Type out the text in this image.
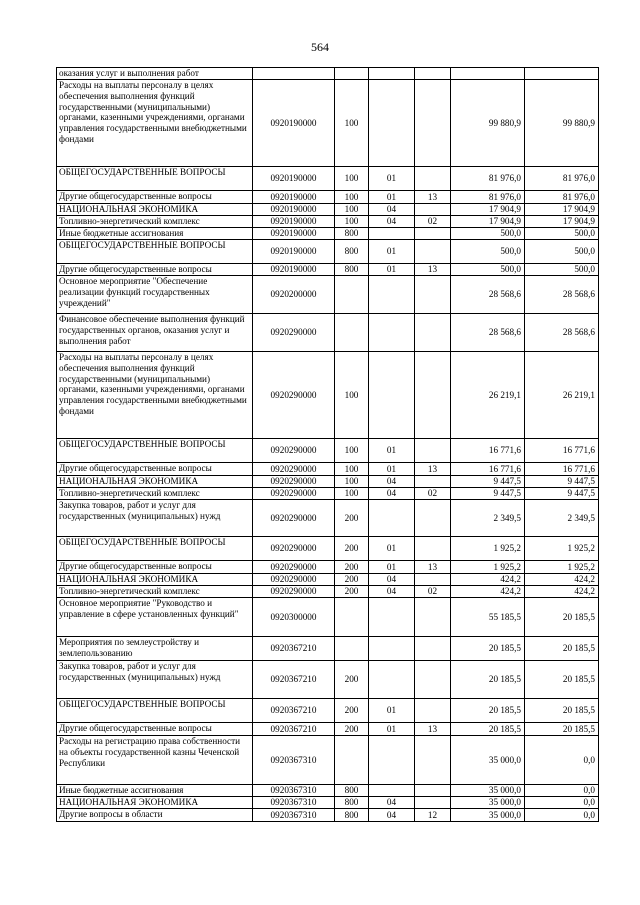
564
оказания услуг и выполнения работ						
Расходы на выплаты персоналу в целях обеспечения выполнения функций государственными (муниципальными) органами, казенными учреждениями, органами управления государственными внебюджетными фондами	0920190000	100			99 880,9	99 880,9
ОБЩЕГОСУДАРСТВЕННЫЕ ВОПРОСЫ	0920190000	100	01		81 976,0	81 976,0
Другие общегосударственные вопросы	0920190000	100	01	13	81 976,0	81 976,0
НАЦИОНАЛЬНАЯ ЭКОНОМИКА	0920190000	100	04		17 904,9	17 904,9
Топливно-энергетический комплекс	0920190000	100	04	02	17 904,9	17 904,9
Иные бюджетные ассигнования	0920190000	800			500,0	500,0
ОБЩЕГОСУДАРСТВЕННЫЕ ВОПРОСЫ	0920190000	800	01		500,0	500,0
Другие общегосударственные вопросы	0920190000	800	01	13	500,0	500,0
Основное мероприятие "Обеспечение реализации функций государственных учреждений"	0920200000				28 568,6	28 568,6
Финансовое обеспечение выполнения функций государственных органов, оказания услуг и выполнения работ	0920290000				28 568,6	28 568,6
Расходы на выплаты персоналу в целях обеспечения выполнения функций государственными (муниципальными) органами, казенными учреждениями, органами управления государственными внебюджетными фондами	0920290000	100			26 219,1	26 219,1
ОБЩЕГОСУДАРСТВЕННЫЕ ВОПРОСЫ	0920290000	100	01		16 771,6	16 771,6
Другие общегосударственные вопросы	0920290000	100	01	13	16 771,6	16 771,6
НАЦИОНАЛЬНАЯ ЭКОНОМИКА	0920290000	100	04		9 447,5	9 447,5
Топливно-энергетический комплекс	0920290000	100	04	02	9 447,5	9 447,5
Закупка товаров, работ и услуг для государственных (муниципальных) нужд	0920290000	200			2 349,5	2 349,5
ОБЩЕГОСУДАРСТВЕННЫЕ ВОПРОСЫ	0920290000	200	01		1 925,2	1 925,2
Другие общегосударственные вопросы	0920290000	200	01	13	1 925,2	1 925,2
НАЦИОНАЛЬНАЯ ЭКОНОМИКА	0920290000	200	04		424,2	424,2
Топливно-энергетический комплекс	0920290000	200	04	02	424,2	424,2
Основное мероприятие "Руководство и управление в сфере установленных функций"	0920300000				55 185,5	20 185,5
Мероприятия по землеустройству и землепользованию	0920367210				20 185,5	20 185,5
Закупка товаров, работ и услуг для государственных (муниципальных) нужд	0920367210	200			20 185,5	20 185,5
ОБЩЕГОСУДАРСТВЕННЫЕ ВОПРОСЫ	0920367210	200	01		20 185,5	20 185,5
Другие общегосударственные вопросы	0920367210	200	01	13	20 185,5	20 185,5
Расходы на регистрацию права собственности на объекты государственной казны Чеченской Республики	0920367310				35 000,0	0,0
Иные бюджетные ассигнования	0920367310	800			35 000,0	0,0
НАЦИОНАЛЬНАЯ ЭКОНОМИКА	0920367310	800	04		35 000,0	0,0
Другие вопросы в области	0920367310	800	04	12	35 000,0	0,0
